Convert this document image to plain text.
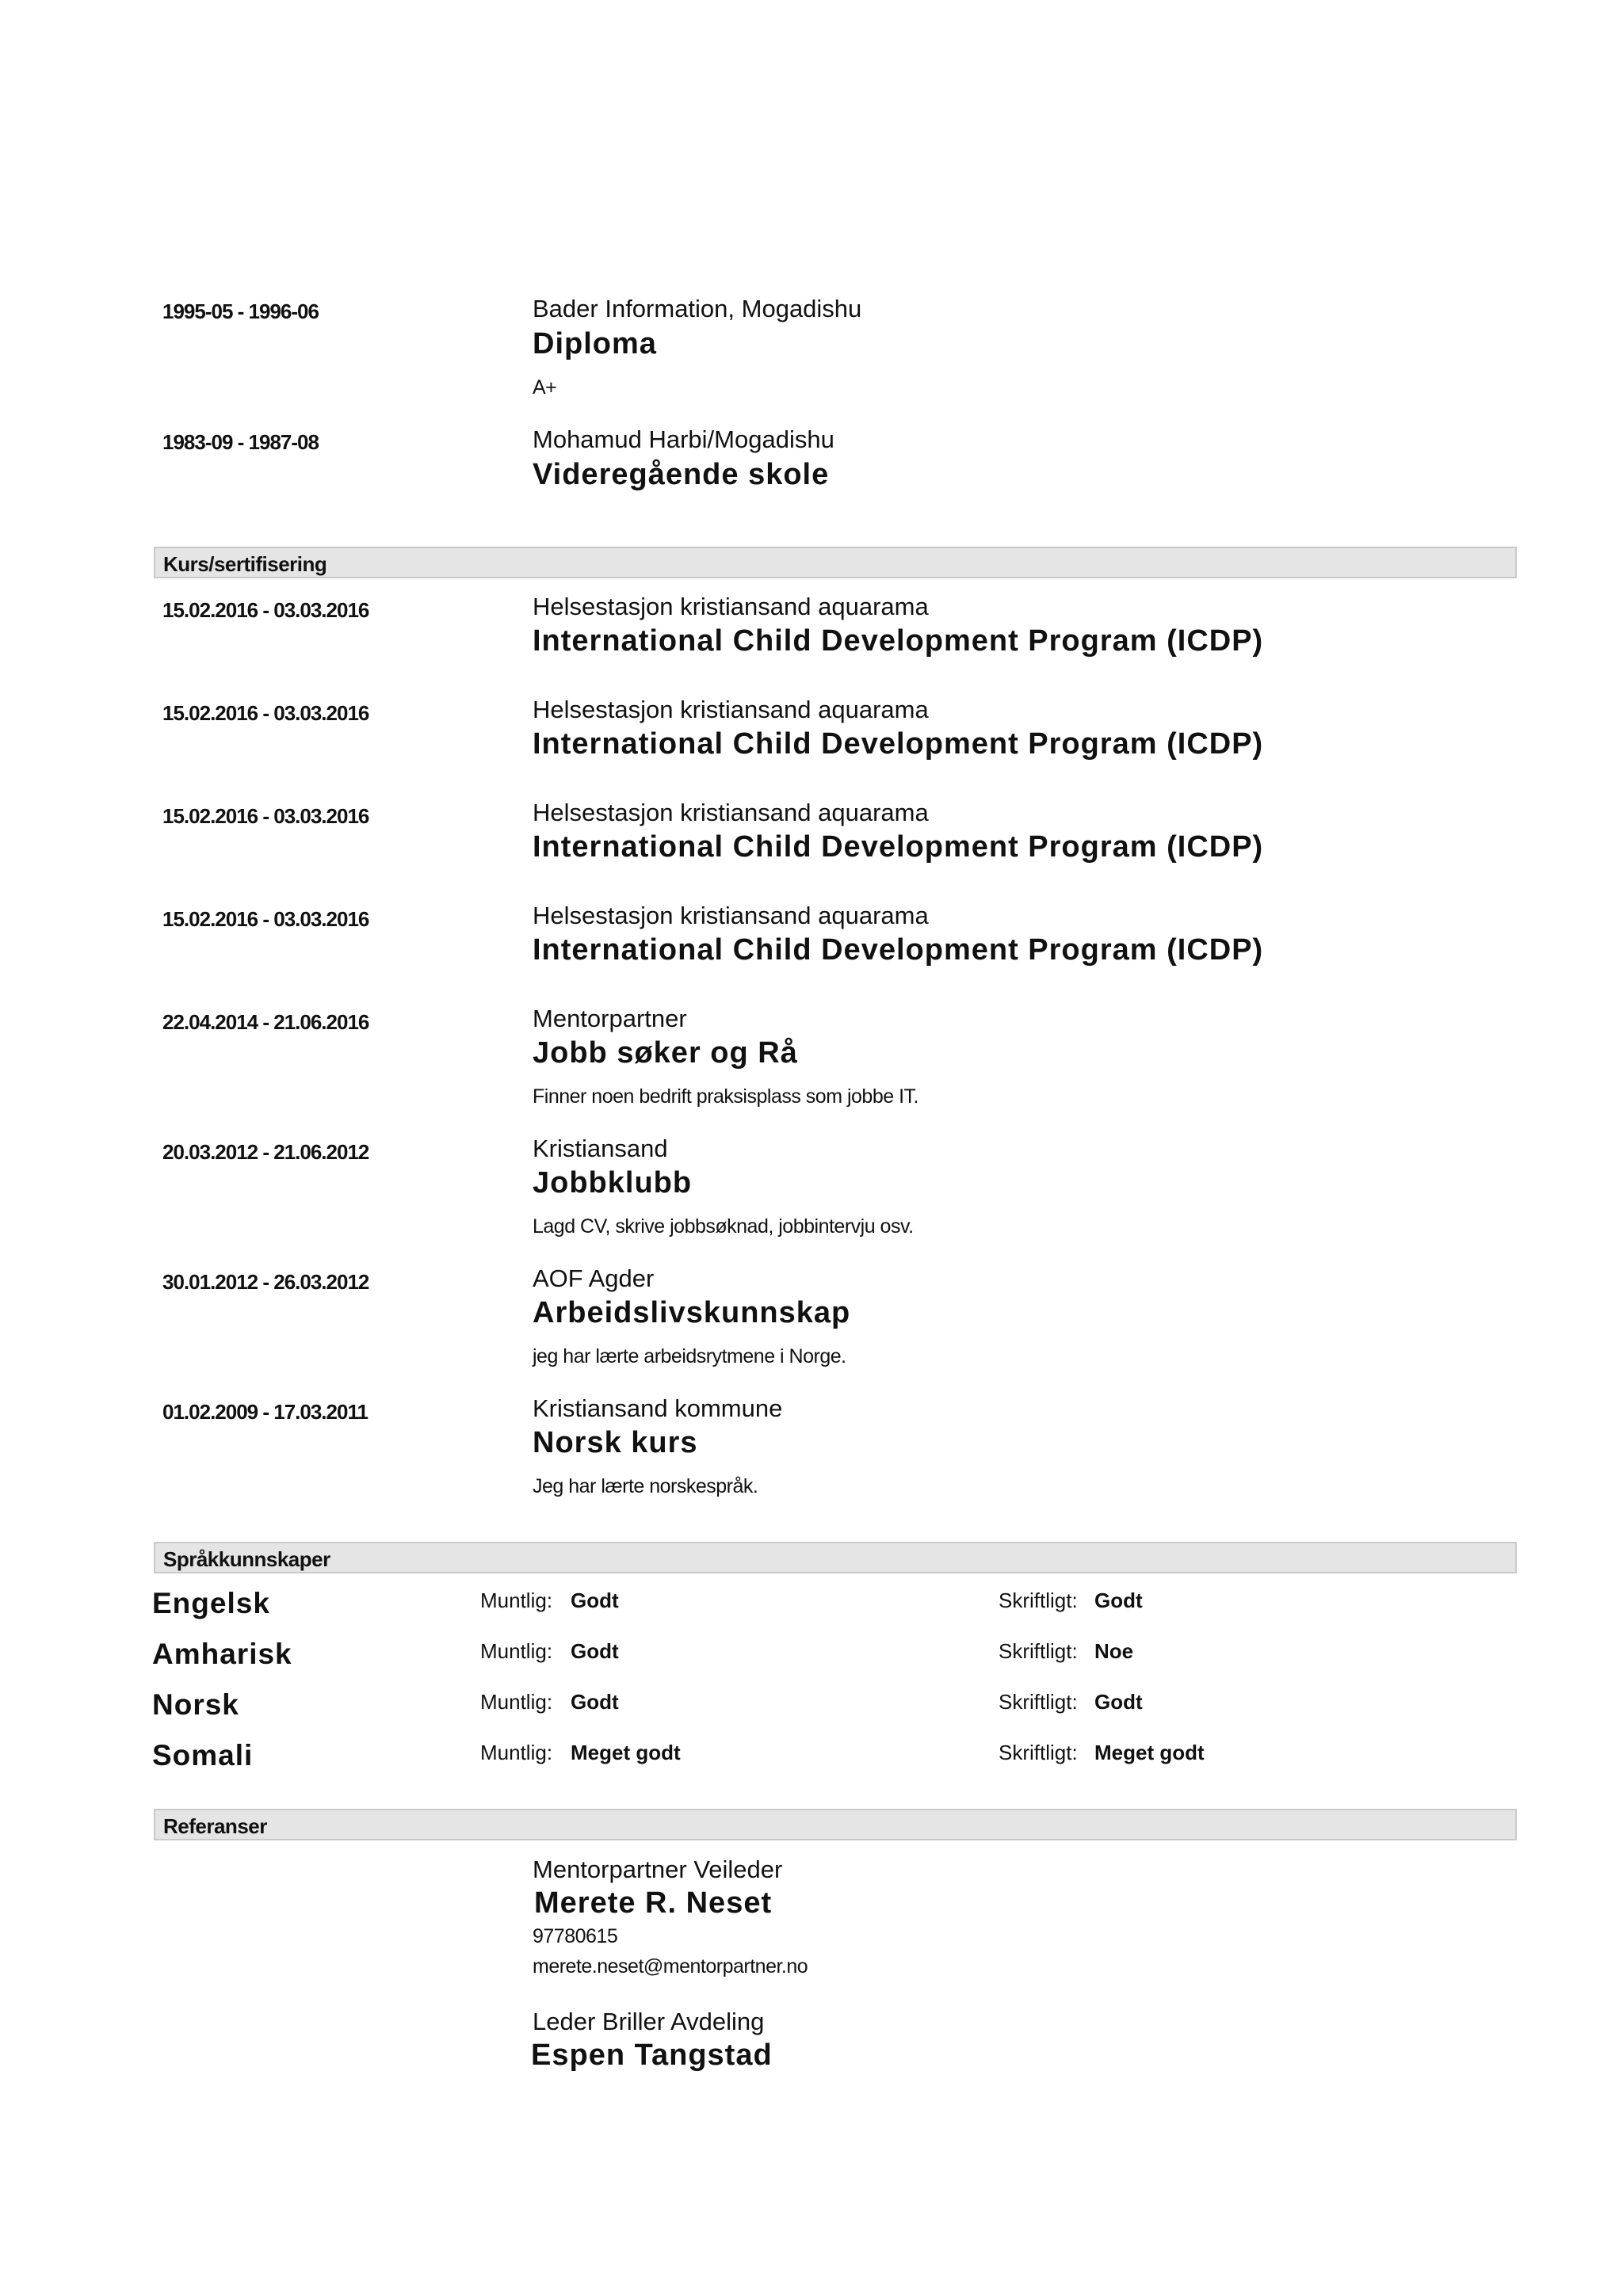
1995-05 - 1996-06	Bader Information, Mogadishu
Diploma
A+
1983-09 - 1987-08	Mohamud Harbi/Mogadishu
Videregående skole
Kurs/sertifisering
15.02.2016 - 03.03.2016	Helsestasjon kristiansand aquarama
International Child Development Program (ICDP)
15.02.2016 - 03.03.2016	Helsestasjon kristiansand aquarama
International Child Development Program (ICDP)
15.02.2016 - 03.03.2016	Helsestasjon kristiansand aquarama
International Child Development Program (ICDP)
15.02.2016 - 03.03.2016	Helsestasjon kristiansand aquarama
International Child Development Program (ICDP)
22.04.2014 - 21.06.2016	Mentorpartner
Jobb søker og Rå
Finner noen bedrift praksisplass som jobbe IT.
20.03.2012 - 21.06.2012	Kristiansand
Jobbklubb
Lagd CV, skrive jobbsøknad, jobbintervju osv.
30.01.2012 - 26.03.2012	AOF Agder
Arbeidslivskunnskap
jeg har lærte arbeidsrytmene i Norge.
01.02.2009 - 17.03.2011	Kristiansand kommune
Norsk kurs
Jeg har lærte norskespråk.
Språkkunnskaper
Engelsk	Muntlig: Godt	Skriftligt: Godt
Amharisk	Muntlig: Godt	Skriftligt: Noe
Norsk	Muntlig: Godt	Skriftligt: Godt
Somali	Muntlig: Meget godt	Skriftligt: Meget godt
Referanser
Mentorpartner Veileder
Merete R. Neset
97780615
merete.neset@mentorpartner.no
Leder Briller Avdeling
Espen Tangstad
